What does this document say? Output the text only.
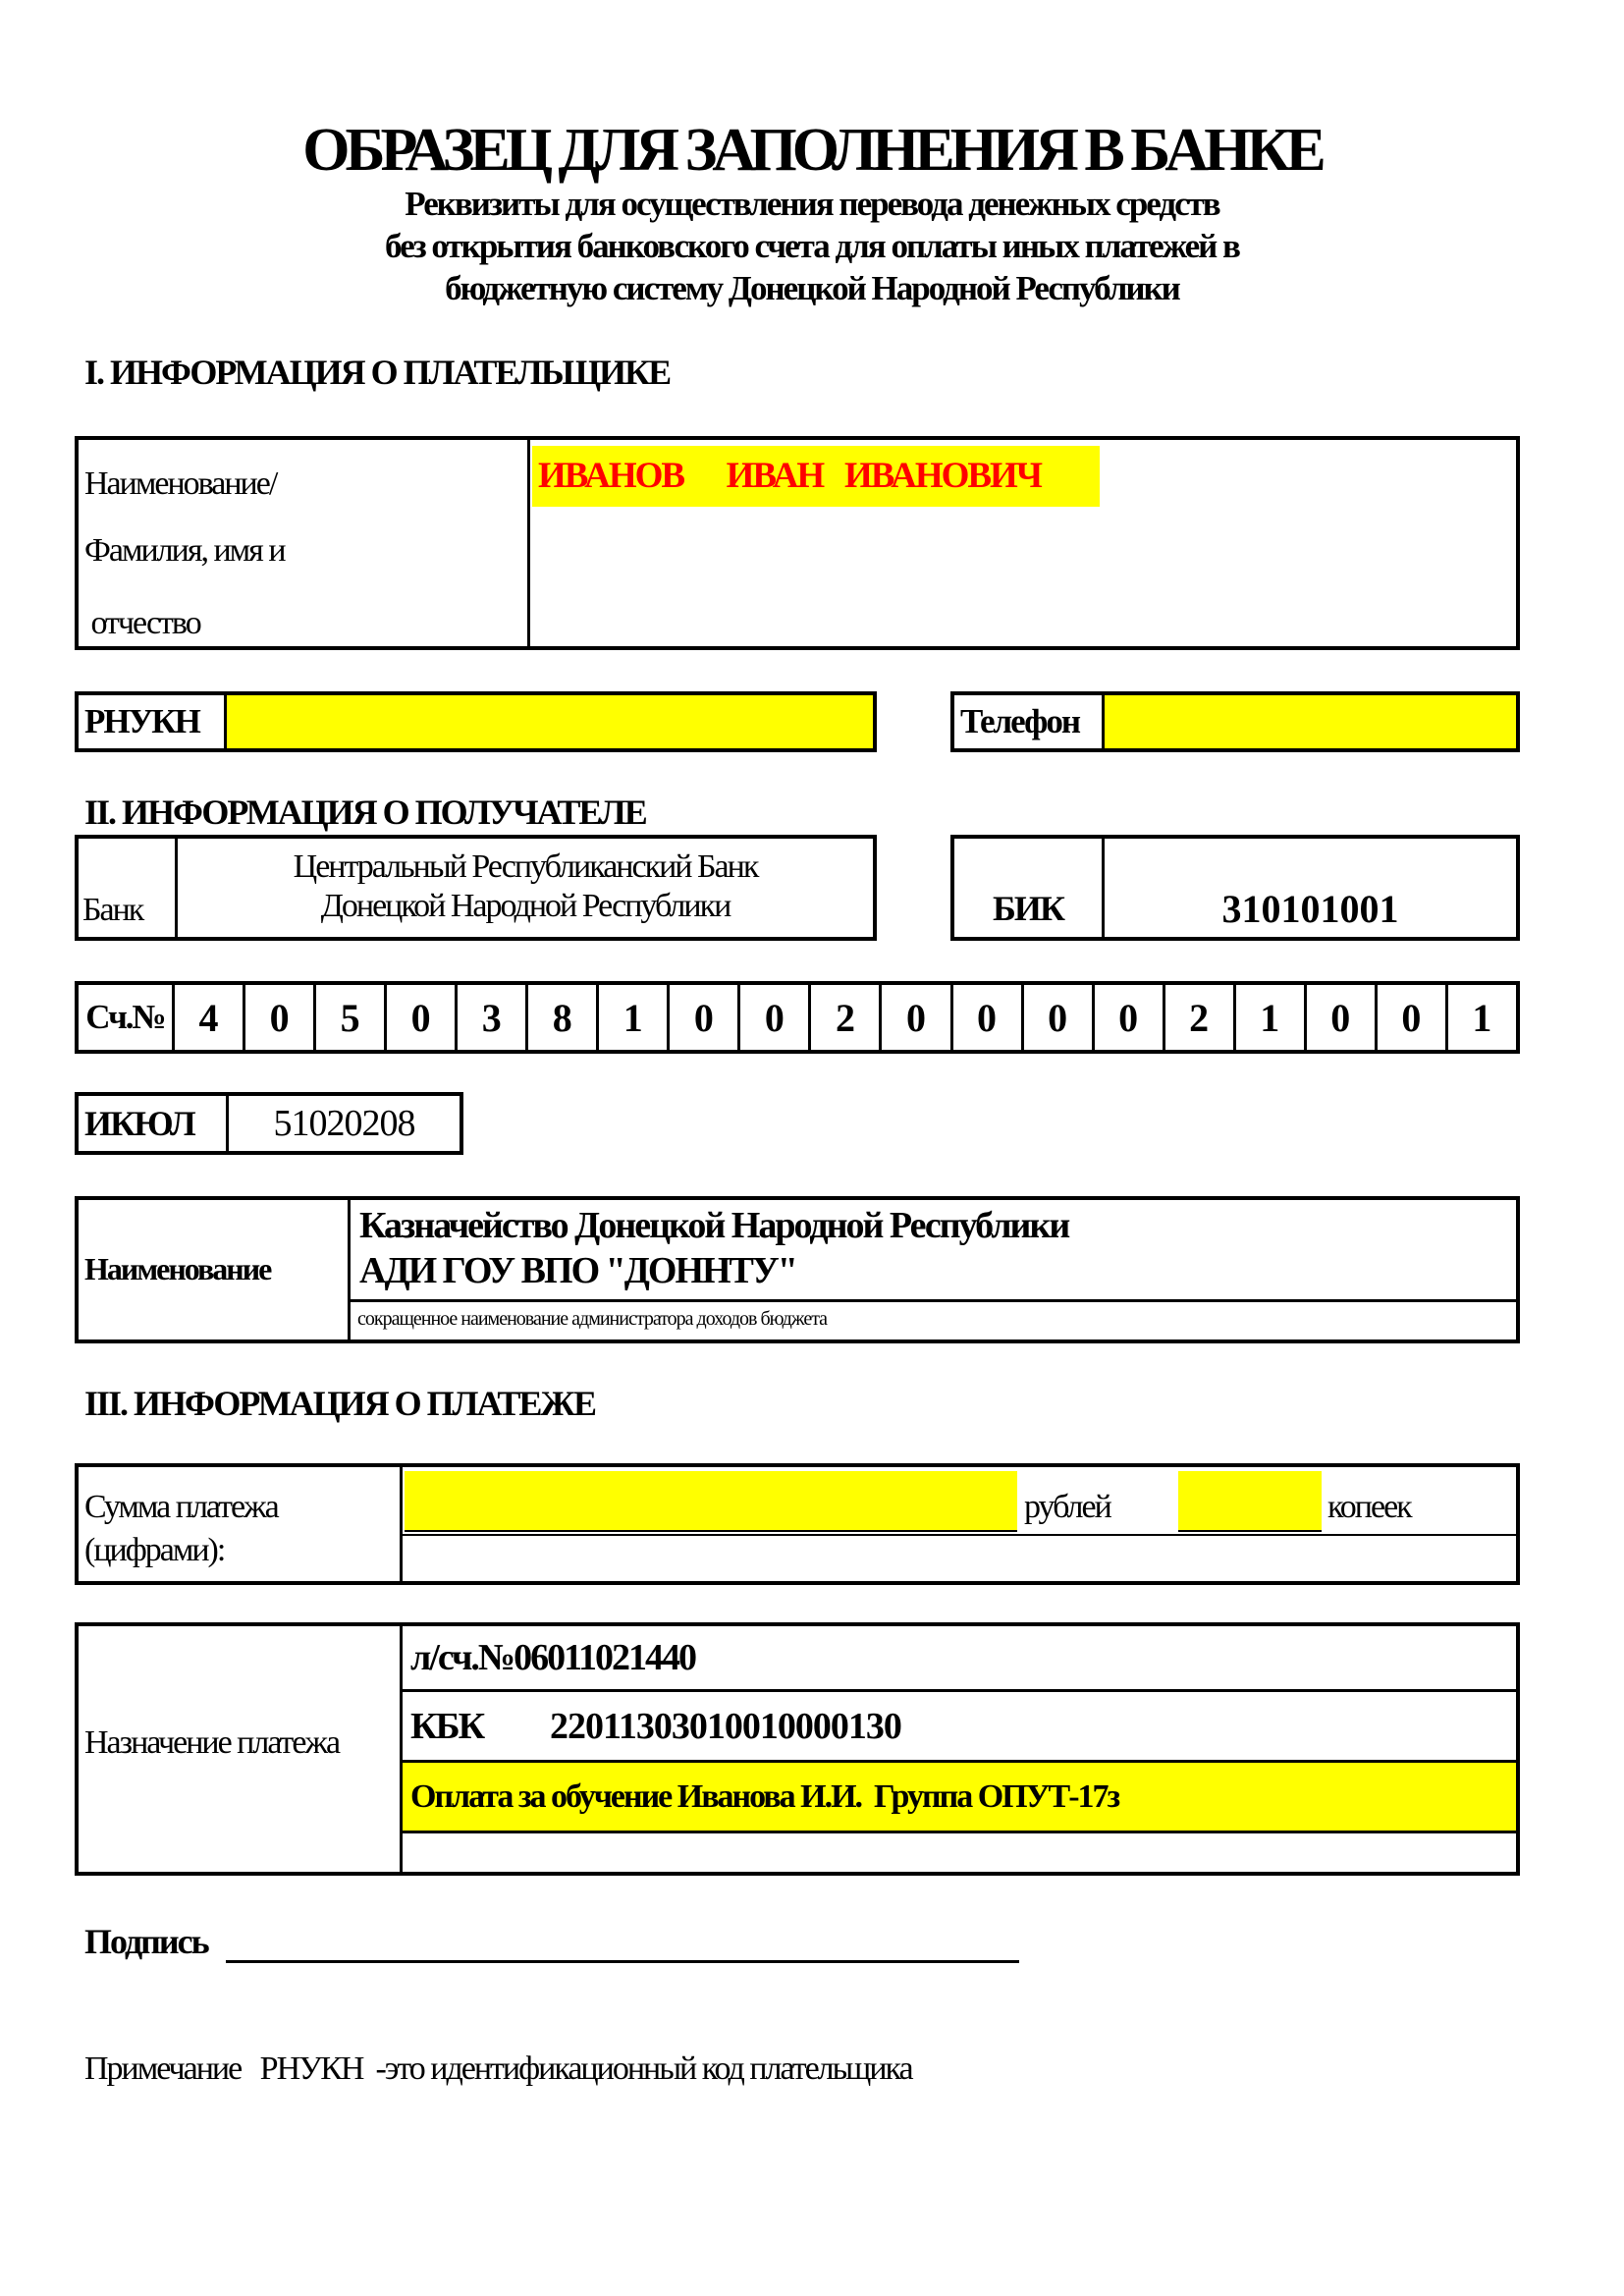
ОБРАЗЕЦ ДЛЯ ЗАПОЛНЕНИЯ В БАНКЕ
Реквизиты для осуществления перевода денежных средств
без открытия банковского счета для оплаты иных платежей в
бюджетную систему Донецкой Народной Республики
I. ИНФОРМАЦИЯ О ПЛАТЕЛЬЩИКЕ
Наименование/
Фамилия, имя и
отчество
ИВАНОВ      ИВАН   ИВАНОВИЧ
РНУКН	Телефон
II. ИНФОРМАЦИЯ О ПОЛУЧАТЕЛЕ
Банк
Центральный Республиканский Банк
Донецкой Народной Республики	БИК	310101001
Сч.№ 4	0	5	0	3	8	1	0	0	2	0	0	0	0	2	1	0	0	1
ИКЮЛ	51020208
Наименование
Казначейство Донецкой Народной Республики
АДИ ГОУ ВПО "ДОННТУ"
сокращенное наименование администратора доходов бюджета
III. ИНФОРМАЦИЯ О ПЛАТЕЖЕ
Сумма платежа
(цифрами):
рублей	копеек
Назначение платежа
л/сч.№06011021440
КБК 22011303010010000130
Оплата за обучение Иванова И.И.  Группа ОПУТ-17з
Подпись
Примечание   РНУКН  -это идентификационный код плательщика
